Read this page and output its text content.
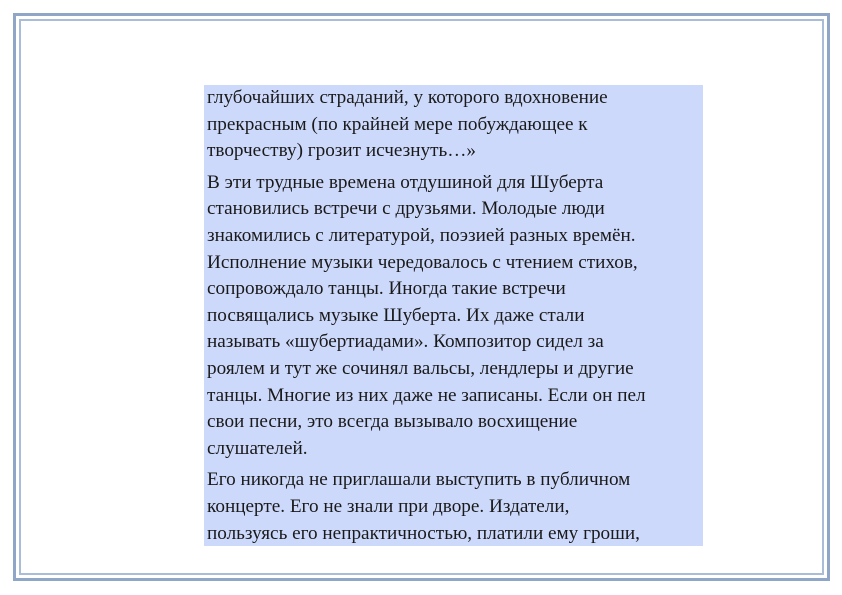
глубочайших страданий, у которого вдохновение
прекрасным (по крайней мере побуждающее к
творчеству) грозит исчезнуть…»

В эти трудные времена отдушиной для Шуберта
становились встречи с друзьями. Молодые люди
знакомились с литературой, поэзией разных времён.
Исполнение музыки чередовалось с чтением стихов,
сопровождало танцы. Иногда такие встречи
посвящались музыке Шуберта. Их даже стали
называть «шубертиадами». Композитор сидел за
роялем и тут же сочинял вальсы, лендлеры и другие
танцы. Многие из них даже не записаны. Если он пел
свои песни, это всегда вызывало восхищение
слушателей.

Его никогда не приглашали выступить в публичном
концерте. Его не знали при дворе. Издатели,
пользуясь его непрактичностью, платили ему гроши,
